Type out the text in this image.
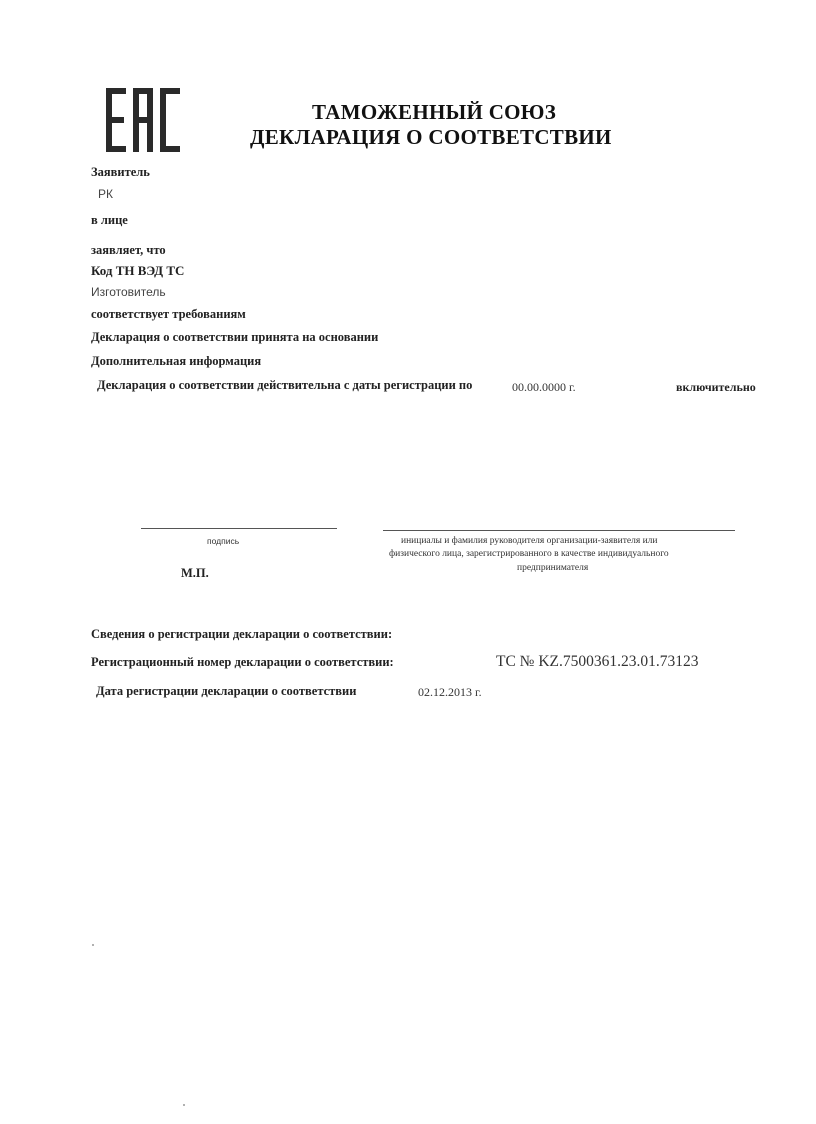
ТАМОЖЕННЫЙ СОЮЗ
ДЕКЛАРАЦИЯ О СООТВЕТСТВИИ
Заявитель
РК
в лице
заявляет, что
Код ТН ВЭД ТС
Изготовитель
соответствует требованиям
Декларация о соответствии принята на основании
Дополнительная информация
Декларация о соответствии действительна с даты регистрации по	00.00.0000 г.	включительно
подпись	инициалы и фамилия руководителя организации-заявителя или
физического лица, зарегистрированного в качестве индивидуального
предпринимателя
М.П.
Сведения о регистрации декларации о соответствии:
Регистрационный номер декларации о соответствии:	ТС № KZ.7500361.23.01.73123
Дата регистрации декларации о соответствии	02.12.2013 г.
